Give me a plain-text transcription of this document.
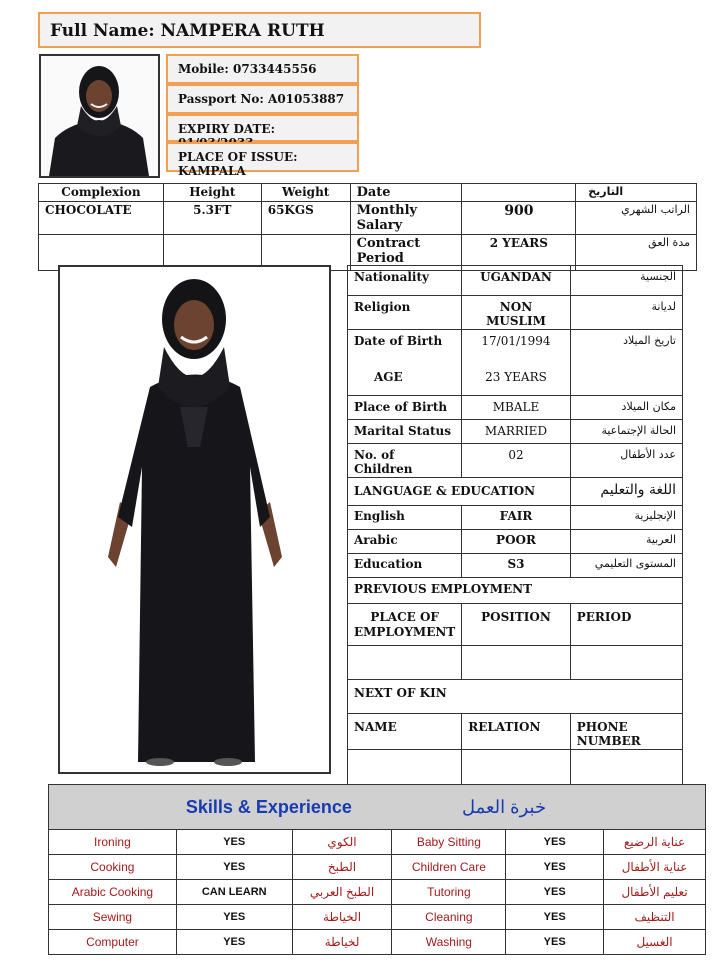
Full Name: NAMPERA RUTH
Mobile: 0733445556
Passport No: A01053887
EXPIRY DATE:
PLACE OF ISSUE: KAMPALA
Complexion	Height	Weight	Date		التاريخ
CHOCOLATE	5.3FT	65KGS	Monthly Salary	900	الراتب الشهري
			Contract Period	2 YEARS	مدة العق
Nationality	UGANDAN	الجنسية
Religion	NON MUSLIM	لديانة
Date of Birth	17/01/1994	تاريخ الميلاد
AGE	23 YEARS	
Place of Birth	MBALE	مكان الميلاد
Marital Status	MARRIED	الحالة الإجتماعية
No. of Children	02	عدد الأطفال
LANGUAGE & EDUCATION		اللغة والتعليم
English	FAIR	الإنجليزية
Arabic	POOR	العربية
Education	S3	المستوى التعليمي
PREVIOUS EMPLOYMENT		
PLACE OF EMPLOYMENT	POSITION	PERIOD

NEXT OF KIN		
NAME	RELATION	PHONE NUMBER

Skills & Experience			خبرة العمل		
Ironing	YES	الكوي	Baby Sitting	YES	عناية الرضيع
Cooking	YES	الطبخ	Children Care	YES	عناية الأطفال
Arabic Cooking	CAN LEARN	الطبخ العربي	Tutoring	YES	تعليم الأطفال
Sewing	YES	الخياطة	Cleaning	YES	التنظيف
Computer	YES	لخياطة	Washing	YES	الغسيل
